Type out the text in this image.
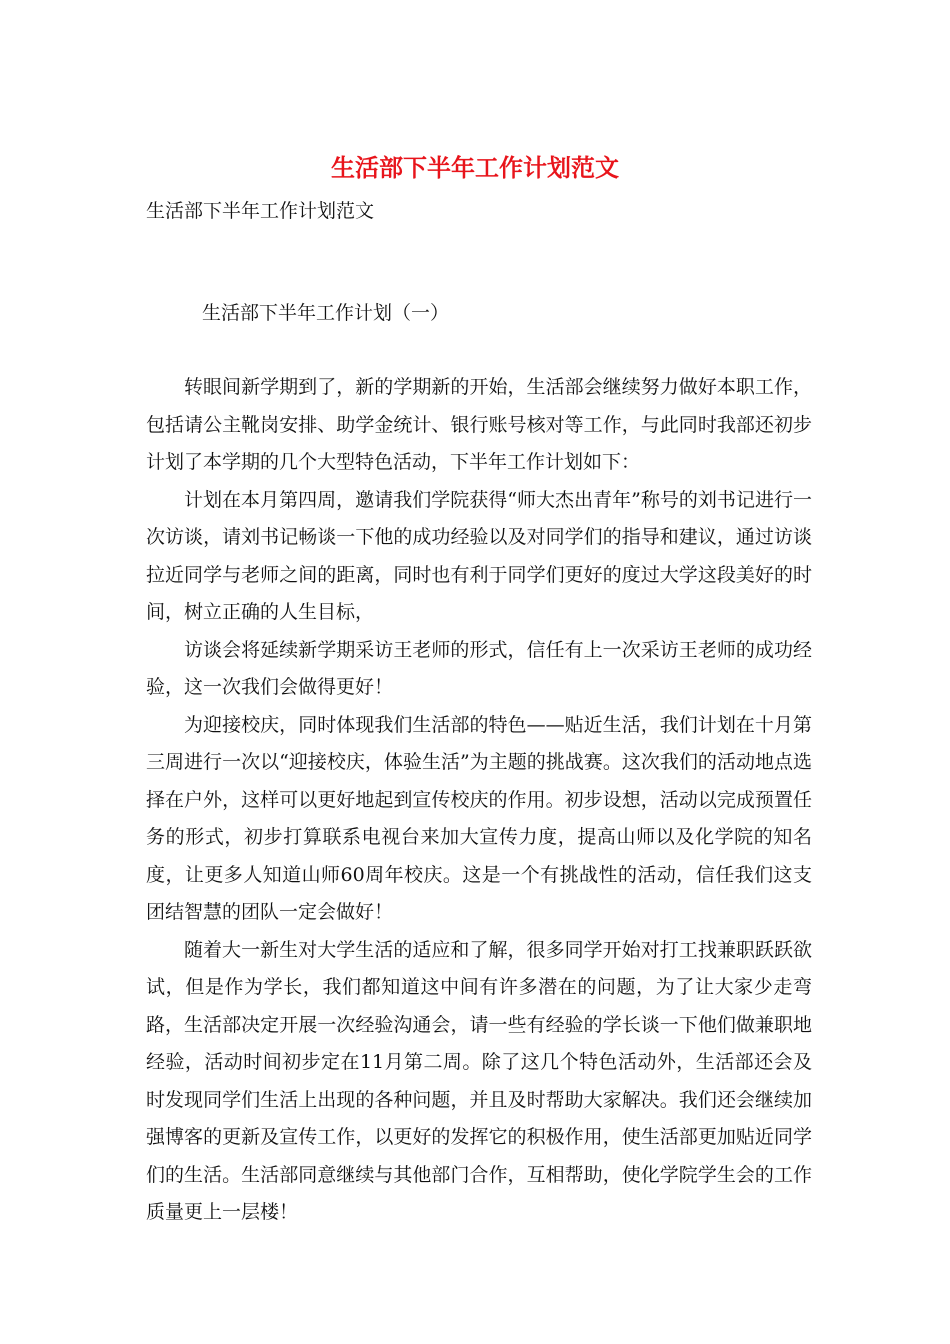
生活部下半年工作计划范文

生活部下半年工作计划范文

生活部下半年工作计划（一）

转眼间新学期到了，新的学期新的开始，生活部会继续努力做好本职工作，包括请公主靴岗安排、助学金统计、银行账号核对等工作，与此同时我部还初步计划了本学期的几个大型特色活动，下半年工作计划如下：

计划在本月第四周，邀请我们学院获得“师大杰出青年”称号的刘书记进行一次访谈，请刘书记畅谈一下他的成功经验以及对同学们的指导和建议，通过访谈拉近同学与老师之间的距离，同时也有利于同学们更好的度过大学这段美好的时间，树立正确的人生目标，

访谈会将延续新学期采访王老师的形式，信任有上一次采访王老师的成功经验，这一次我们会做得更好！

为迎接校庆，同时体现我们生活部的特色——贴近生活，我们计划在十月第三周进行一次以“迎接校庆，体验生活”为主题的挑战赛。这次我们的活动地点选择在户外，这样可以更好地起到宣传校庆的作用。初步设想，活动以完成预置任务的形式，初步打算联系电视台来加大宣传力度，提高山师以及化学院的知名度，让更多人知道山师60周年校庆。这是一个有挑战性的活动，信任我们这支团结智慧的团队一定会做好！

随着大一新生对大学生活的适应和了解，很多同学开始对打工找兼职跃跃欲试，但是作为学长，我们都知道这中间有许多潜在的问题，为了让大家少走弯路，生活部决定开展一次经验沟通会，请一些有经验的学长谈一下他们做兼职地经验，活动时间初步定在11月第二周。除了这几个特色活动外，生活部还会及时发现同学们生活上出现的各种问题，并且及时帮助大家解决。我们还会继续加强博客的更新及宣传工作，以更好的发挥它的积极作用，使生活部更加贴近同学们的生活。生活部同意继续与其他部门合作，互相帮助，使化学院学生会的工作质量更上一层楼！
